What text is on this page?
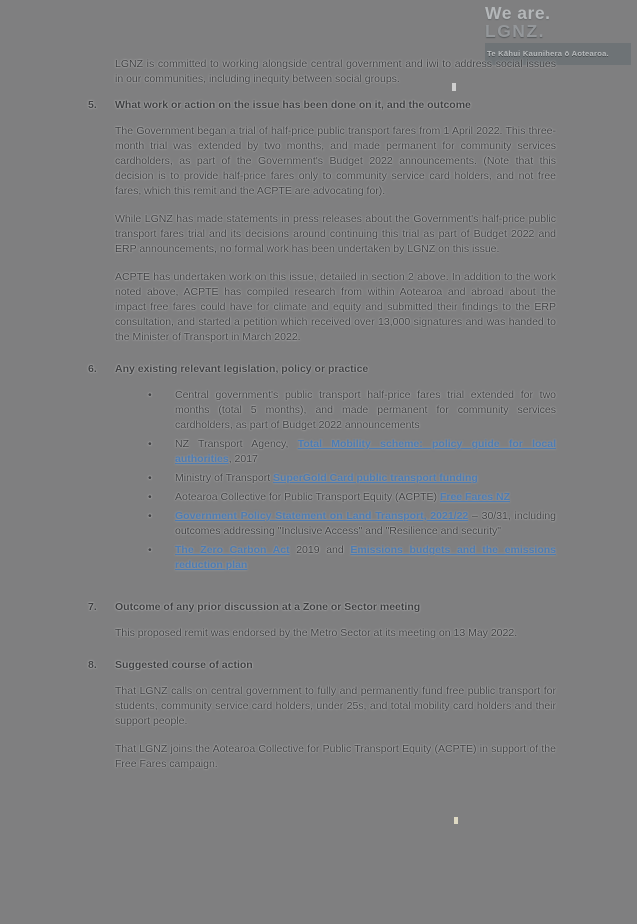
We are.
LGNZ.
Te Kāhui Kaunihera ō Aotearoa.

LGNZ is committed to working alongside central government and iwi to address social issues in our communities, including inequity between social groups.

5.	What work or action on the issue has been done on it, and the outcome

The Government began a trial of half-price public transport fares from 1 April 2022. This three-month trial was extended by two months, and made permanent for community services cardholders, as part of the Government's Budget 2022 announcements. (Note that this decision is to provide half-price fares only to community service card holders, and not free fares, which this remit and the ACPTE are advocating for).

While LGNZ has made statements in press releases about the Government's half-price public transport fares trial and its decisions around continuing this trial as part of Budget 2022 and ERP announcements, no formal work has been undertaken by LGNZ on this issue.

ACPTE has undertaken work on this issue, detailed in section 2 above. In addition to the work noted above, ACPTE has compiled research from within Aotearoa and abroad about the impact free fares could have for climate and equity and submitted their findings to the ERP consultation, and started a petition which received over 13,000 signatures and was handed to the Minister of Transport in March 2022.

6.	Any existing relevant legislation, policy or practice
• Central government's public transport half-price fares trial extended for two months (total 5 months), and made permanent for community services cardholders, as part of Budget 2022 announcements
• NZ Transport Agency, Total Mobility scheme: policy guide for local authorities, 2017
• Ministry of Transport SuperGold Card public transport funding
• Aotearoa Collective for Public Transport Equity (ACPTE) Free Fares NZ
• Government Policy Statement on Land Transport, 2021/22 – 30/31, including outcomes addressing "Inclusive Access" and "Resilience and security"
• The Zero Carbon Act 2019 and Emissions budgets and the emissions reduction plan
7.	Outcome of any prior discussion at a Zone or Sector meeting

This proposed remit was endorsed by the Metro Sector at its meeting on 13 May 2022.

8.	Suggested course of action

That LGNZ calls on central government to fully and permanently fund free public transport for students, community service card holders, under 25s, and total mobility card holders and their support people.

That LGNZ joins the Aotearoa Collective for Public Transport Equity (ACPTE) in support of the Free Fares campaign.
